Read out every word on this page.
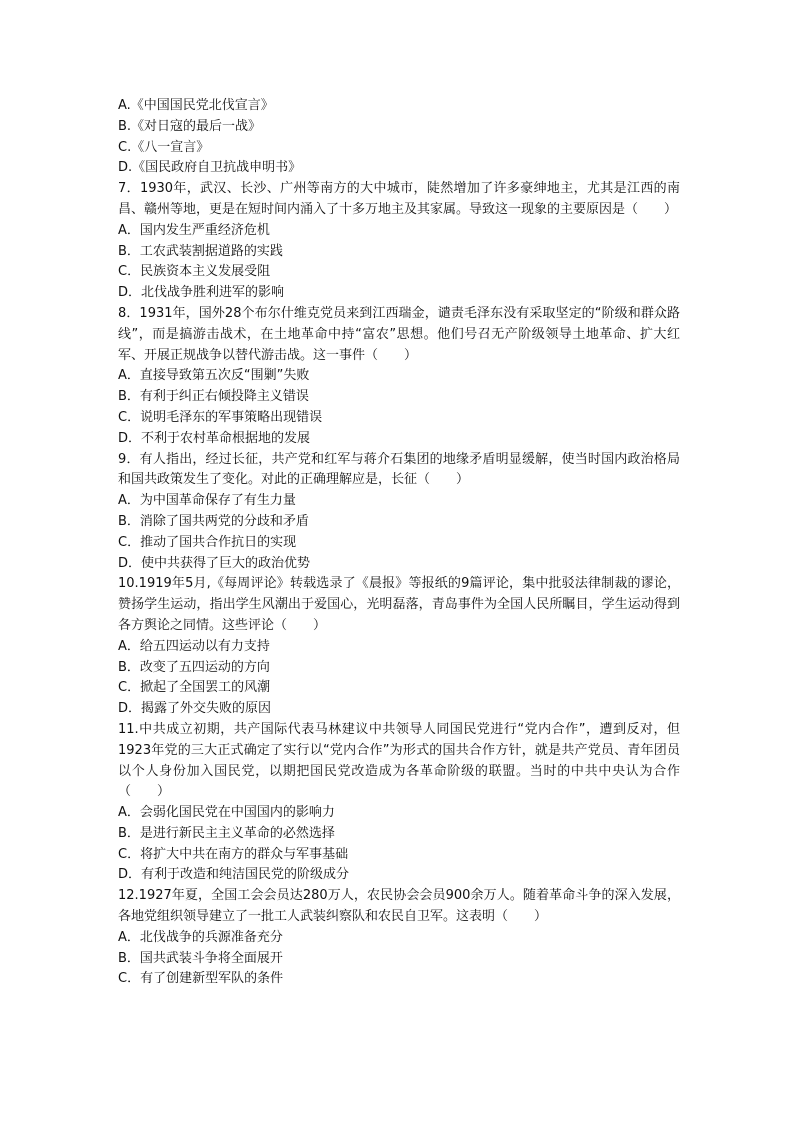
A.《中国国民党北伐宣言》
B.《对日寇的最后一战》
C.《八一宣言》
D.《国民政府自卫抗战申明书》
7．1930年，武汉、长沙、广州等南方的大中城市，陡然增加了许多豪绅地主，尤其是江西的南昌、赣州等地，更是在短时间内涌入了十多万地主及其家属。导致这一现象的主要原因是（　　）
A．国内发生严重经济危机
B．工农武装割据道路的实践
C．民族资本主义发展受阻
D．北伐战争胜利进军的影响
8．1931年，国外28个布尔什维克党员来到江西瑞金，谴责毛泽东没有采取坚定的“阶级和群众路线”，而是搞游击战术，在土地革命中持“富农”思想。他们号召无产阶级领导土地革命、扩大红军、开展正规战争以替代游击战。这一事件（　　）
A．直接导致第五次反“围剿”失败
B．有利于纠正右倾投降主义错误
C．说明毛泽东的军事策略出现错误
D．不利于农村革命根据地的发展
9．有人指出，经过长征，共产党和红军与蒋介石集团的地缘矛盾明显缓解，使当时国内政治格局和国共政策发生了变化。对此的正确理解应是，长征（　　）
A．为中国革命保存了有生力量
B．消除了国共两党的分歧和矛盾
C．推动了国共合作抗日的实现
D．使中共获得了巨大的政治优势
10.1919年5月,《每周评论》转载选录了《晨报》等报纸的9篇评论，集中批驳法律制裁的谬论，赞扬学生运动，指出学生风潮出于爱国心，光明磊落，青岛事件为全国人民所瞩目，学生运动得到各方舆论之同情。这些评论（　　）
A．给五四运动以有力支持
B．改变了五四运动的方向
C．掀起了全国罢工的风潮
D．揭露了外交失败的原因
11.中共成立初期，共产国际代表马林建议中共领导人同国民党进行“党内合作”，遭到反对，但1923年党的三大正式确定了实行以“党内合作”为形式的国共合作方针，就是共产党员、青年团员以个人身份加入国民党，以期把国民党改造成为各革命阶级的联盟。当时的中共中央认为合作（　　）
A．会弱化国民党在中国国内的影响力
B．是进行新民主主义革命的必然选择
C．将扩大中共在南方的群众与军事基础
D．有利于改造和纯洁国民党的阶级成分
12.1927年夏，全国工会会员达280万人，农民协会会员900余万人。随着革命斗争的深入发展，各地党组织领导建立了一批工人武装纠察队和农民自卫军。这表明（　　）
A．北伐战争的兵源准备充分
B．国共武装斗争将全面展开
C．有了创建新型军队的条件
